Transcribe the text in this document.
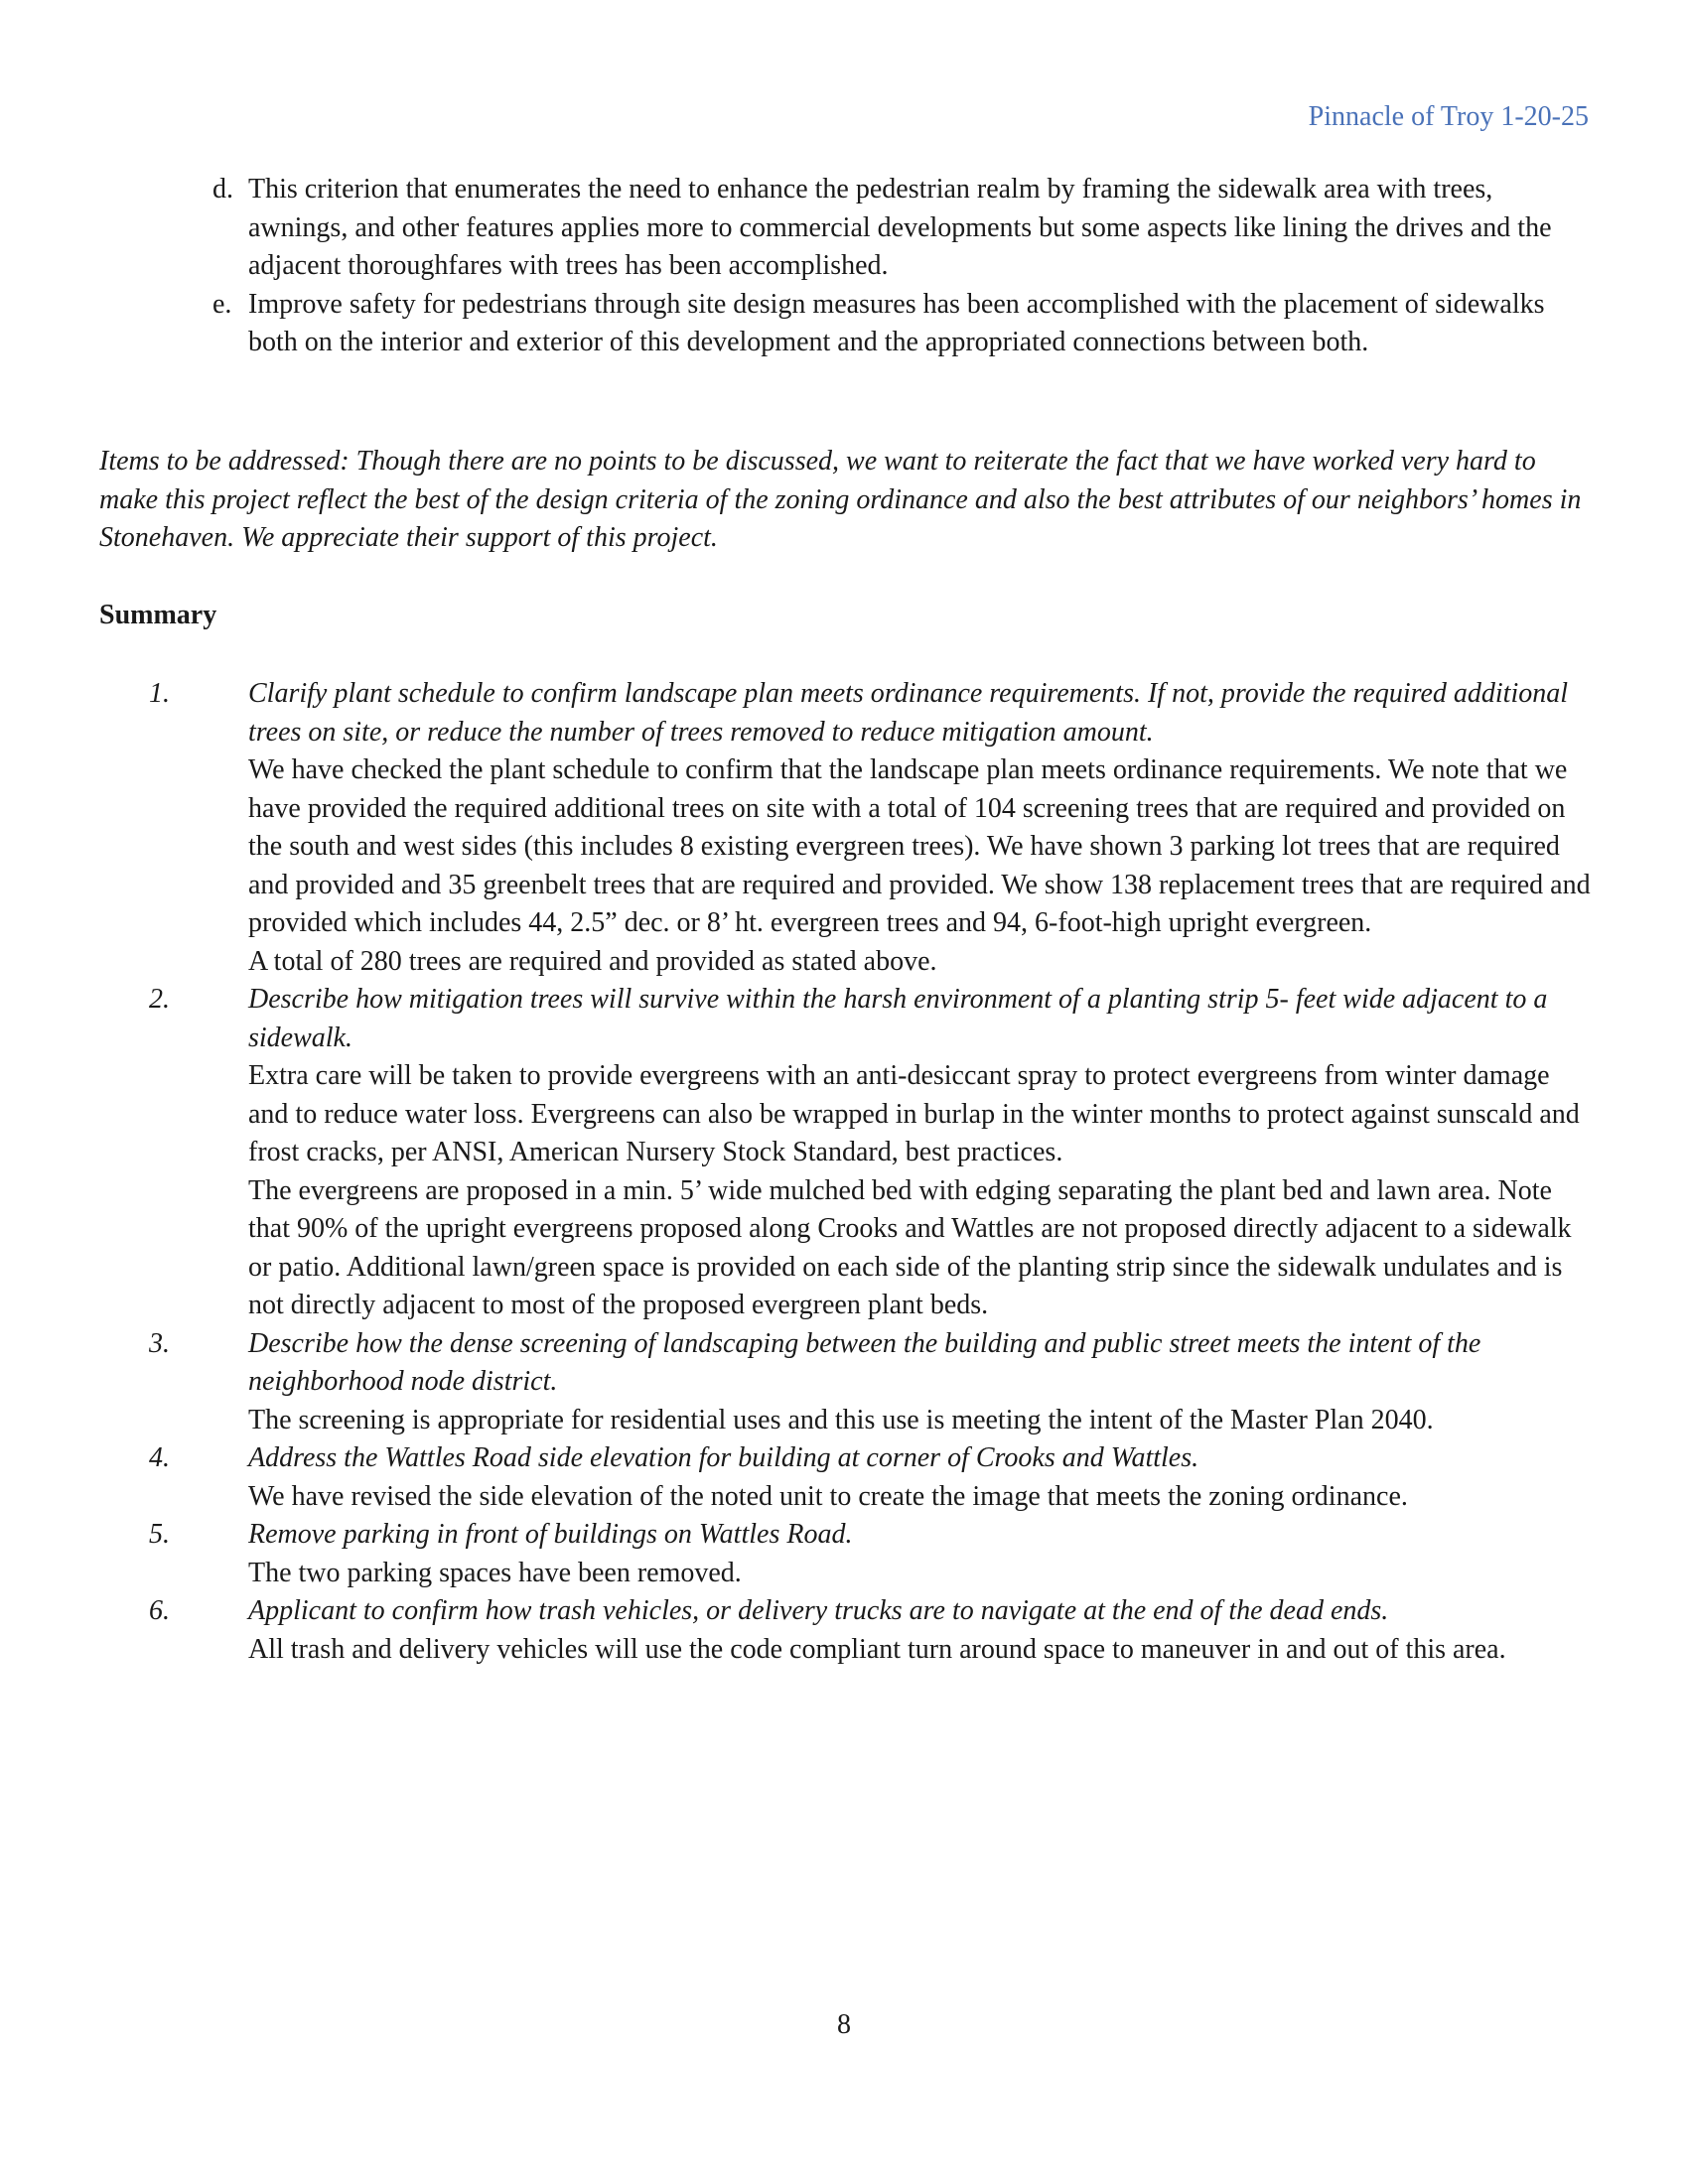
Pinnacle of Troy 1-20-25
d. This criterion that enumerates the need to enhance the pedestrian realm by framing the sidewalk area with trees, awnings, and other features applies more to commercial developments but some aspects like lining the drives and the adjacent thoroughfares with trees has been accomplished.
e. Improve safety for pedestrians through site design measures has been accomplished with the placement of sidewalks both on the interior and exterior of this development and the appropriated connections between both.

Items to be addressed: Though there are no points to be discussed, we want to reiterate the fact that we have worked very hard to make this project reflect the best of the design criteria of the zoning ordinance and also the best attributes of our neighbors’ homes in Stonehaven. We appreciate their support of this project.

Summary
1.	Clarify plant schedule to confirm landscape plan meets ordinance requirements. If not, provide the required additional trees on site, or reduce the number of trees removed to reduce mitigation amount.

We have checked the plant schedule to confirm that the landscape plan meets ordinance requirements. We note that we have provided the required additional trees on site with a total of 104 screening trees that are required and provided on the south and west sides (this includes 8 existing evergreen trees). We have shown 3 parking lot trees that are required and provided and 35 greenbelt trees that are required and provided. We show 138 replacement trees that are required and provided which includes 44, 2.5” dec. or 8’ ht. evergreen trees and 94, 6-foot-high upright evergreen.

A total of 280 trees are required and provided as stated above.

2.	Describe how mitigation trees will survive within the harsh environment of a planting strip 5- feet wide adjacent to a sidewalk.

Extra care will be taken to provide evergreens with an anti-desiccant spray to protect evergreens from winter damage and to reduce water loss. Evergreens can also be wrapped in burlap in the winter months to protect against sunscald and frost cracks, per ANSI, American Nursery Stock Standard, best practices.

The evergreens are proposed in a min. 5’ wide mulched bed with edging separating the plant bed and lawn area. Note that 90% of the upright evergreens proposed along Crooks and Wattles are not proposed directly adjacent to a sidewalk or patio. Additional lawn/green space is provided on each side of the planting strip since the sidewalk undulates and is not directly adjacent to most of the proposed evergreen plant beds.

3.	Describe how the dense screening of landscaping between the building and public street meets the intent of the neighborhood node district.

The screening is appropriate for residential uses and this use is meeting the intent of the Master Plan 2040.

4.	Address the Wattles Road side elevation for building at corner of Crooks and Wattles.

We have revised the side elevation of the noted unit to create the image that meets the zoning ordinance.

5.	Remove parking in front of buildings on Wattles Road.

The two parking spaces have been removed.

6.	Applicant to confirm how trash vehicles, or delivery trucks are to navigate at the end of the dead ends.

All trash and delivery vehicles will use the code compliant turn around space to maneuver in and out of this area.

8
